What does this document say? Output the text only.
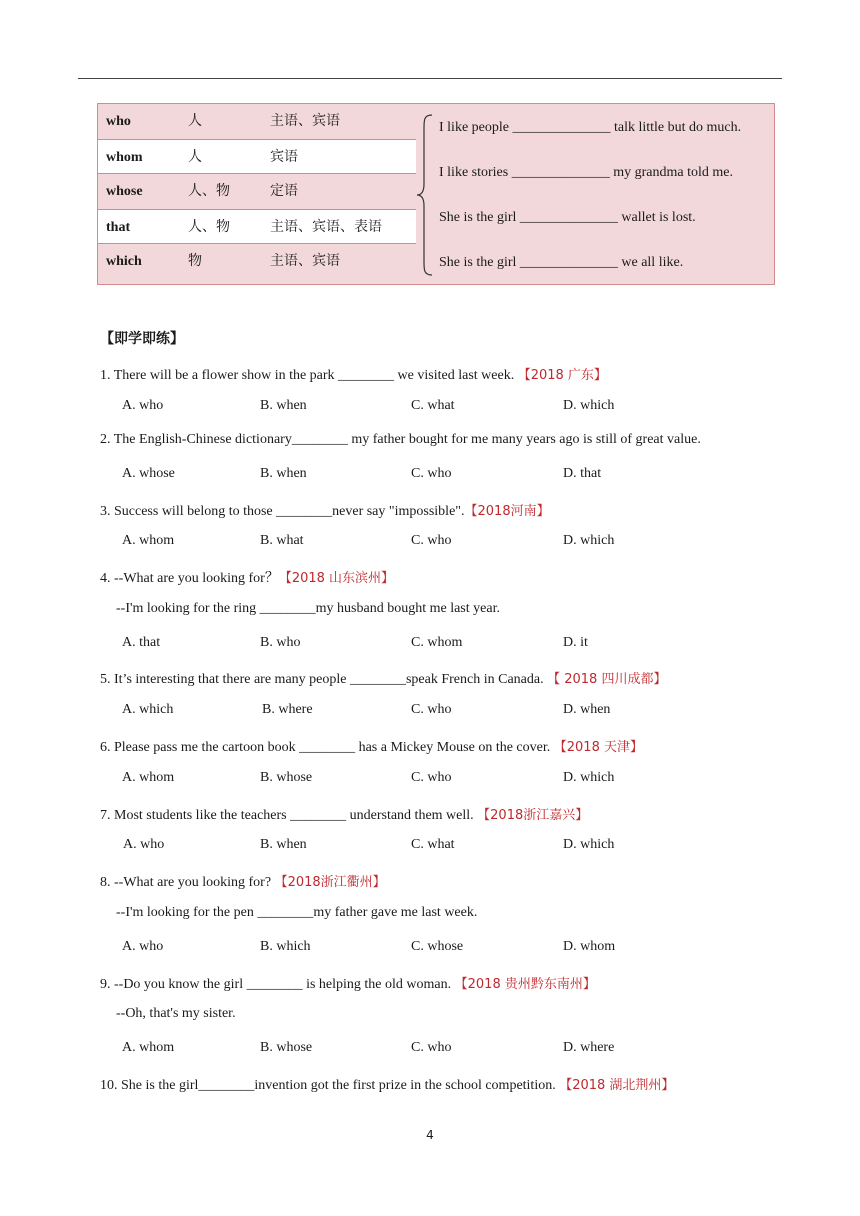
who	人	主语、宾语
whom	人	宾语
whose	人、物	定语
that	人、物	主语、宾语、表语
which	物	主语、宾语
I like people ______________ talk little but do much.
I like stories ______________ my grandma told me.
She is the girl ______________ wallet is lost.
She is the girl ______________ we all like.
【即学即练】
1. There will be a flower show in the park ________ we visited last week. 【2018 广东】
A. who	B. when	C. what	D. which
2. The English-Chinese dictionary________ my father bought for me many years ago is still of great value.
A. whose	B. when	C. who	D. that
3. Success will belong to those ________never say "impossible".【2018河南】
A. whom	B. what	C. who	D. which
4. --What are you looking for？【2018 山东滨州】
--I'm looking for the ring ________my husband bought me last year.
A. that	B. who	C. whom	D. it
5. It’s interesting that there are many people ________speak French in Canada. 【 2018 四川成都】
A. which	B. where	C. who	D. when
6. Please pass me the cartoon book ________ has a Mickey Mouse on the cover. 【2018 天津】
A. whom	B. whose	C. who	D. which
7. Most students like the teachers ________ understand them well. 【2018浙江嘉兴】
A. who	B. when	C. what	D. which
8. --What are you looking for? 【2018浙江衢州】
--I'm looking for the pen ________my father gave me last week.
A. who	B. which	C. whose	D. whom
9. --Do you know the girl ________ is helping the old woman. 【2018 贵州黔东南州】
--Oh, that's my sister.
A. whom	B. whose	C. who	D. where
10. She is the girl________invention got the first prize in the school competition. 【2018 湖北荆州】
4
